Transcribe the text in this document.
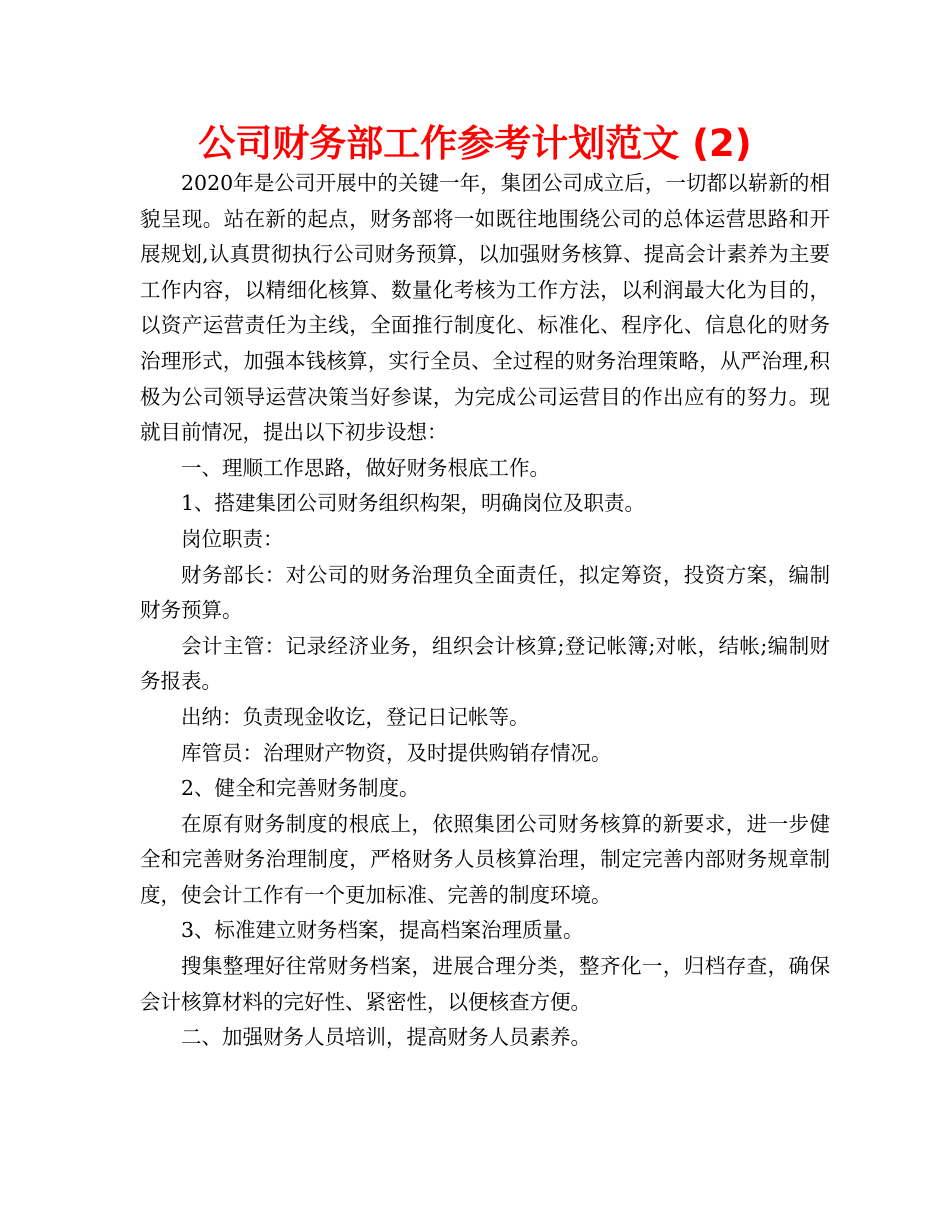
公司财务部工作参考计划范文 (2)

2020年是公司开展中的关键一年，集团公司成立后，一切都以崭新的相貌呈现。站在新的起点，财务部将一如既往地围绕公司的总体运营思路和开展规划,认真贯彻执行公司财务预算，以加强财务核算、提高会计素养为主要工作内容，以精细化核算、数量化考核为工作方法，以利润最大化为目的，以资产运营责任为主线，全面推行制度化、标准化、程序化、信息化的财务治理形式，加强本钱核算，实行全员、全过程的财务治理策略，从严治理,积极为公司领导运营决策当好参谋，为完成公司运营目的作出应有的努力。现就目前情况，提出以下初步设想：

一、理顺工作思路，做好财务根底工作。

1、搭建集团公司财务组织构架，明确岗位及职责。

岗位职责：

财务部长：对公司的财务治理负全面责任，拟定筹资，投资方案，编制财务预算。

会计主管：记录经济业务，组织会计核算;登记帐簿;对帐，结帐;编制财务报表。

出纳：负责现金收讫，登记日记帐等。

库管员：治理财产物资，及时提供购销存情况。

2、健全和完善财务制度。

在原有财务制度的根底上，依照集团公司财务核算的新要求，进一步健全和完善财务治理制度，严格财务人员核算治理，制定完善内部财务规章制度，使会计工作有一个更加标准、完善的制度环境。

3、标准建立财务档案，提高档案治理质量。

搜集整理好往常财务档案，进展合理分类，整齐化一，归档存查，确保会计核算材料的完好性、紧密性，以便核查方便。

二、加强财务人员培训，提高财务人员素养。
